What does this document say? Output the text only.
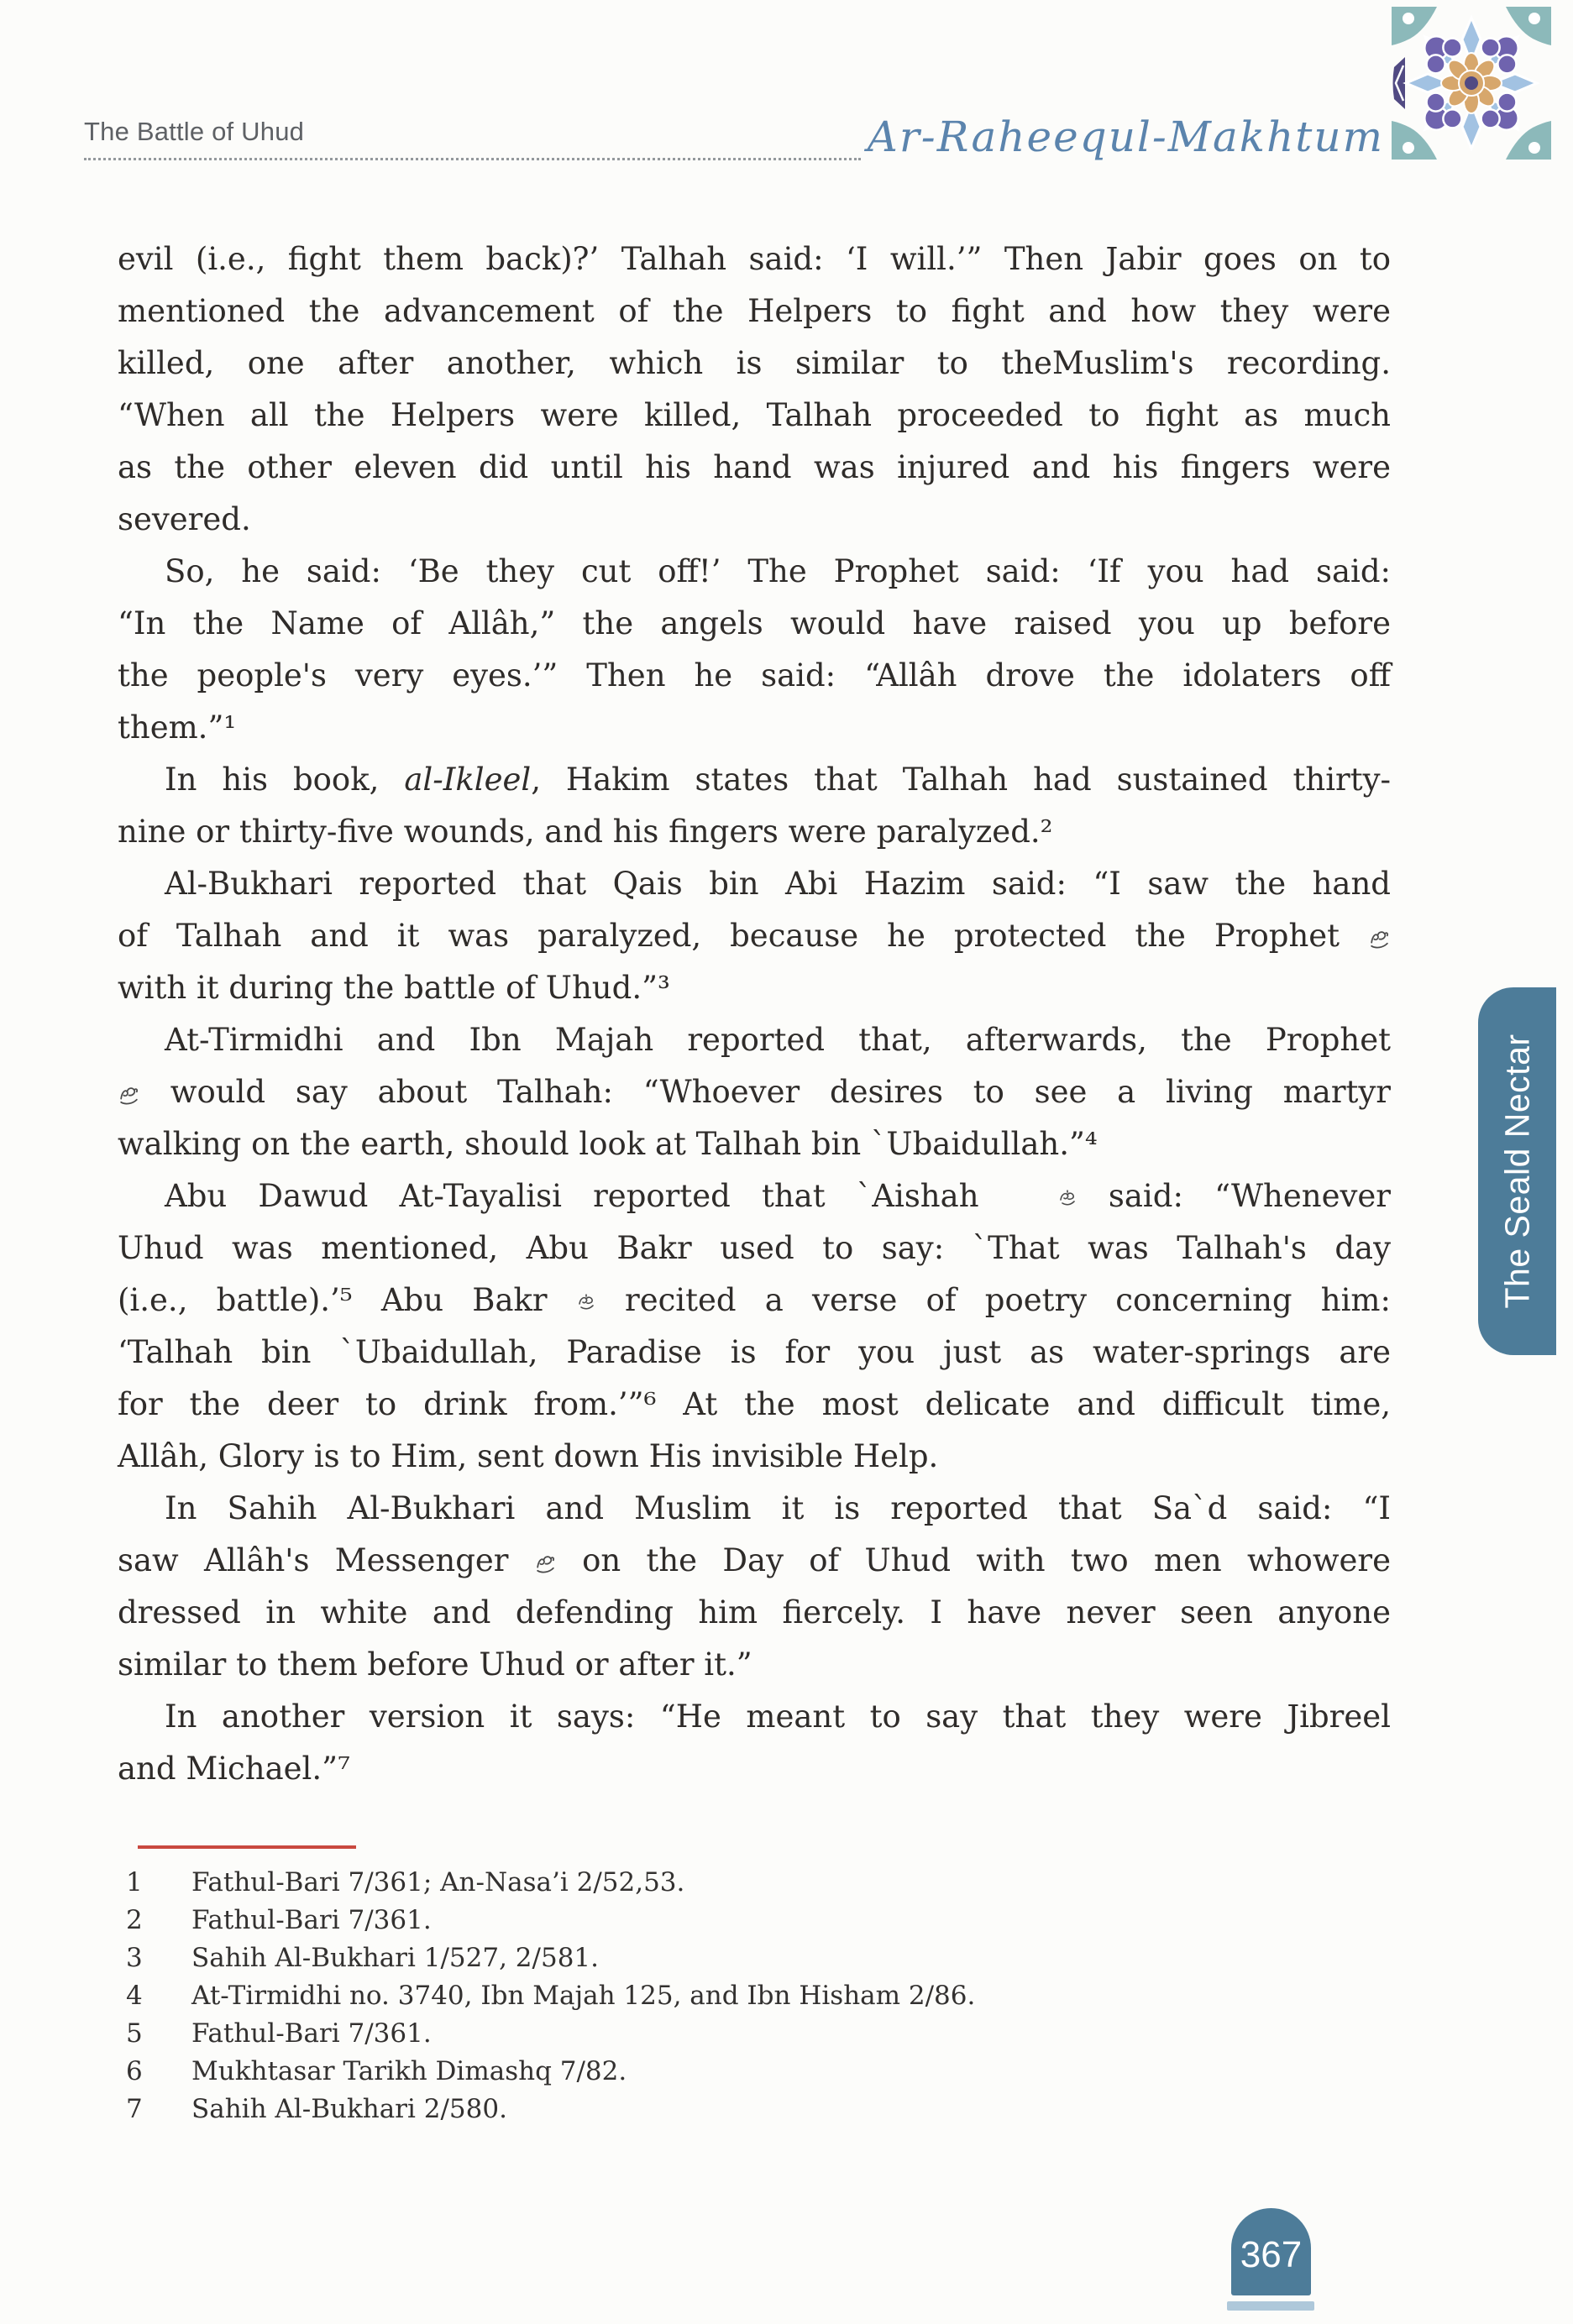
The Battle of Uhud	Ar-Raheequl-Makhtum
evil (i.e., fight them back)?’ Talhah said: ‘I will.’” Then Jabir goes on to
mentioned the advancement of the Helpers to fight and how they were
killed, one after another, which is similar to theMuslim's recording.
“When all the Helpers were killed, Talhah proceeded to fight as much
as the other eleven did until his hand was injured and his fingers were
severed.
So, he said: ‘Be they cut off!’ The Prophet said: ‘If you had said:
“In the Name of Allâh,” the angels would have raised you up before
the people's very eyes.’” Then he said: “Allâh drove the idolaters off
them.”¹
In his book, al-Ikleel, Hakim states that Talhah had sustained thirty-
nine or thirty-five wounds, and his fingers were paralyzed.²
Al-Bukhari reported that Qais bin Abi Hazim said: “I saw the hand
of Talhah and it was paralyzed, because he protected the Prophet
with it during the battle of Uhud.”³
At-Tirmidhi and Ibn Majah reported that, afterwards, the Prophet
would say about Talhah: “Whoever desires to see a living martyr
walking on the earth, should look at Talhah bin `Ubaidullah.”⁴
Abu Dawud At-Tayalisi reported that `Aishah  said: “Whenever
Uhud was mentioned, Abu Bakr used to say: `That was Talhah's day
(i.e., battle).’⁵ Abu Bakr  recited a verse of poetry concerning him:
‘Talhah bin `Ubaidullah, Paradise is for you just as water-springs are
for the deer to drink from.’”⁶ At the most delicate and difficult time,
Allâh, Glory is to Him, sent down His invisible Help.
In Sahih Al-Bukhari and Muslim it is reported that Sa`d said: “I
saw Allâh's Messenger  on the Day of Uhud with two men whowere
dressed in white and defending him fiercely. I have never seen anyone
similar to them before Uhud or after it.”
In another version it says: “He meant to say that they were Jibreel
and Michael.”⁷
1	Fathul-Bari 7/361; An-Nasa’i 2/52,53.
2	Fathul-Bari 7/361.
3	Sahih Al-Bukhari 1/527, 2/581.
4	At-Tirmidhi no. 3740, Ibn Majah 125, and Ibn Hisham 2/86.
5	Fathul-Bari 7/361.
6	Mukhtasar Tarikh Dimashq 7/82.
7	Sahih Al-Bukhari 2/580.
The Seald Nectar
367
